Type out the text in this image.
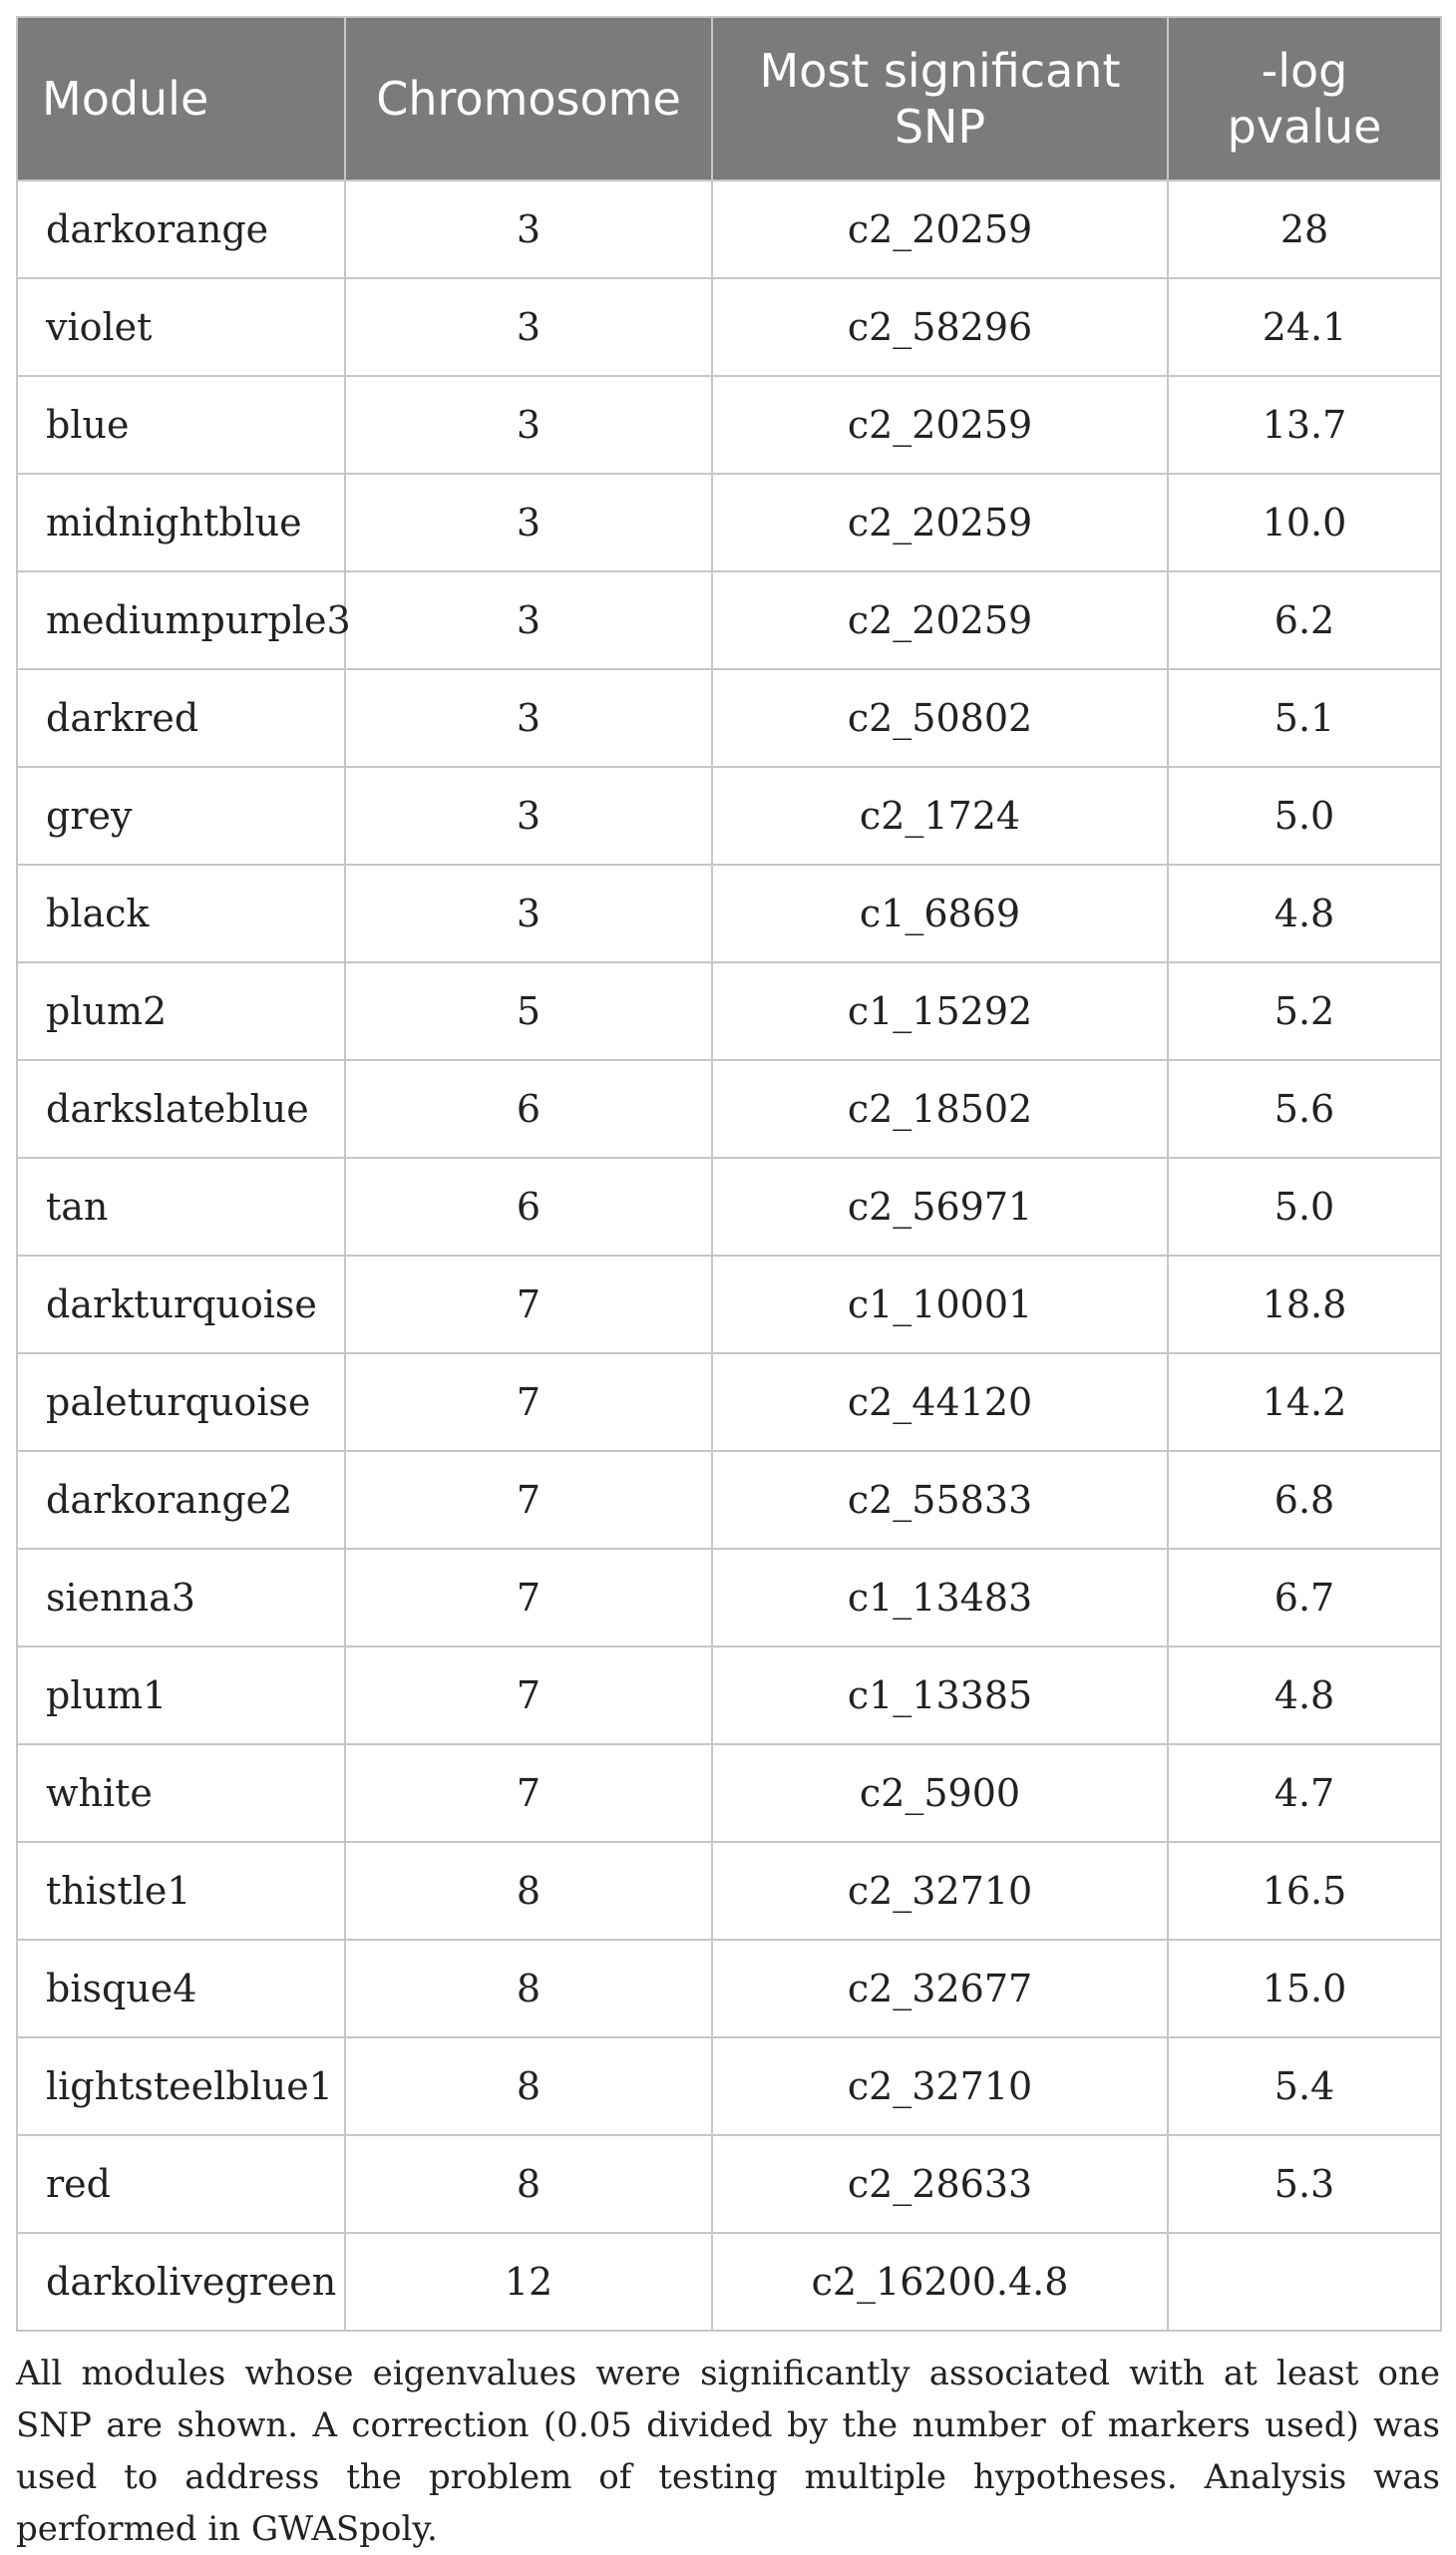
Module	Chromosome	Most significant SNP	-log pvalue
darkorange	3	c2_20259	28
violet	3	c2_58296	24.1
blue	3	c2_20259	13.7
midnightblue	3	c2_20259	10.0
mediumpurple3	3	c2_20259	6.2
darkred	3	c2_50802	5.1
grey	3	c2_1724	5.0
black	3	c1_6869	4.8
plum2	5	c1_15292	5.2
darkslateblue	6	c2_18502	5.6
tan	6	c2_56971	5.0
darkturquoise	7	c1_10001	18.8
paleturquoise	7	c2_44120	14.2
darkorange2	7	c2_55833	6.8
sienna3	7	c1_13483	6.7
plum1	7	c1_13385	4.8
white	7	c2_5900	4.7
thistle1	8	c2_32710	16.5
bisque4	8	c2_32677	15.0
lightsteelblue1	8	c2_32710	5.4
red	8	c2_28633	5.3
darkolivegreen	12	c2_16200.4.8	
All modules whose eigenvalues were significantly associated with at least one SNP are shown. A correction (0.05 divided by the number of markers used) was used to address the problem of testing multiple hypotheses. Analysis was performed in GWASpoly.
